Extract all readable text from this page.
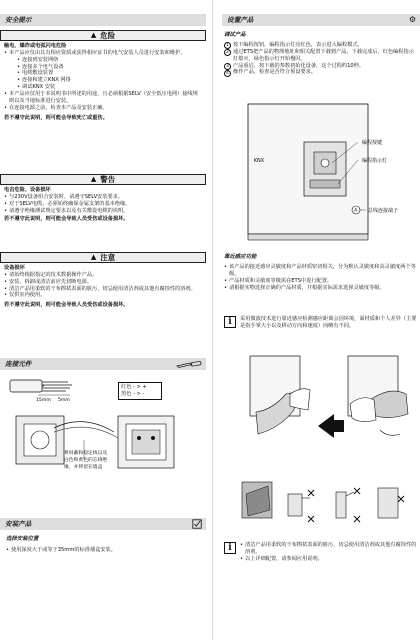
安全提示
▲ 危险
触电、爆炸或电弧闪电危险
• 本产品应仅由具有相应资质或获得相应证书的电气安装人员进行安装和维护，
• 连接到安装网络
• 连接多个电气设备
• 电缆敷设装置
• 连接和建立KNX 网络
• 调试KNX 安装
• 本产品应仅用于本说明书中所述的用途，且必须根据SELV（安全低压电网）接线规则以及当地标准进行安装。
• 在连接电源之前，检查本产品及安装正确。
若不遵守此说明，则可能会导致死亡或重伤。
▲ 警告
电击危险、设备损坏
• 与230V设备组合安装时，请遵守SELV安装要求。
• 对于SELV电缆，必须始终确保金属支架的基本绝缘。
• 请遵守绝缘测试规定要求以及有关敷设电缆的说明。
若不遵守此说明，则可能会导致人员受伤或设备损坏。
▲ 注意
设备损坏
• 请始终根据指定的技术数据操作产品。
• 安装、拆卸或清洁前应先切断电源。
• 清洁产品用柔软的干布擦拭表面的脏污，切忌使用清洁剂或其他有腐蚀性的溶剂。
• 仅供室内使用。
若不遵守此说明，则可能会导致人员受伤或设备损坏。
连接元件
15mm 5mm
红色 - > +
黑色 - > -
将屏蔽和稳定线以及
白色和黄色的芯线绝
缘，并将留在墙盒
安装产品
选择安装位置
• 使用深度大于或等于35mm的标准墙盒安装。
设置产品	⚙
调试产品
1 按下编程按钮，编程指示灯亮红色，表示进入编程模式。
2 通过ETS把产品的物理地址和相关配置下载到产品，下载完成后，红色编程指示灯熄灭，绿色指示灯开始慢闪。
3 产品重启，按下载的参数初始化设备，这个过程约10秒。
4 操作产品，检查是否符合预设要求。
KNX
A
编程按键
编程指示灯
总线连接端子
靠近感应功能
• 该产品的接近感应灵敏度和产品材质密切相关，分为默认灵敏度和高灵敏度两个等级。
• 产品材质和灵敏度等级需在ETS中进行配置。
• 请根据实物选择正确的产品材质，并根据实际需求选择灵敏度等级。
i	采用微波技术进行靠近感应检测感应距离会因环境，面材质和个人差异（主要是指手掌大小以及移动方向和速度）而略有不同。
i
•	清洁产品用柔软的干布擦拭表面的脏污，切忌使用清洁剂或其他有腐蚀性的溶剂。
• 以上详细配置，请参阅应用说明。
